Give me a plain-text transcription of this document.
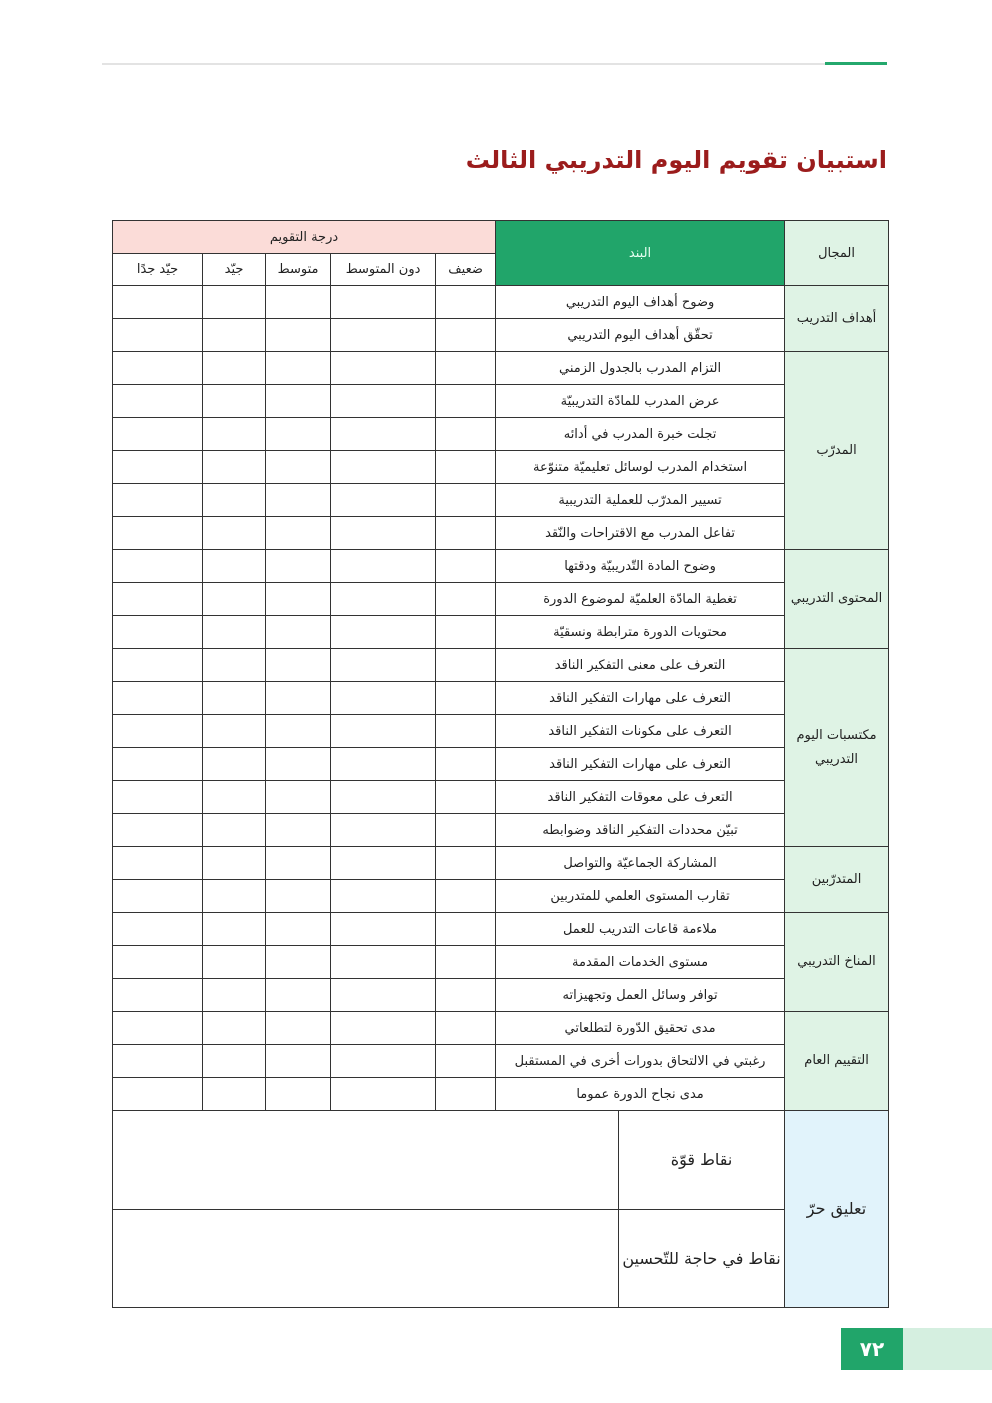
استبيان تقويم اليوم التدريبي الثالث
المجال	البند	درجة التقويم				
		ضعيف	دون المتوسط	متوسط	جيّد	جيّد جدًا
أهداف التدريب	وضوح أهداف اليوم التدريبي					
	تحقّق أهداف اليوم التدريبي					
المدرّب	التزام المدرب بالجدول الزمني					
	عرض المدرب للمادّة التدريبيّة					
	تجلت خبرة المدرب في أدائه					
	استخدام المدرب لوسائل تعليميّة متنوّعة					
	تسيير المدرّب للعملية التدريبية					
	تفاعل المدرب مع الاقتراحات والنّقد					
المحتوى التدريبي	وضوح المادة التّدريبيّة ودقتها					
	تغطية المادّة العلميّة لموضوع الدورة					
	محتويات الدورة مترابطة ونسقيّة					
مكتسبات اليوم التدريبي	التعرف على معنى التفكير الناقد					
	التعرف على مهارات التفكير الناقد					
	التعرف على مكونات التفكير الناقد					
	التعرف على مهارات التفكير الناقد					
	التعرف على معوقات التفكير الناقد					
	تبيّن محددات التفكير الناقد وضوابطه					
المتدرّبين	المشاركة الجماعيّة والتواصل					
	تقارب المستوى العلمي للمتدربين					
المناخ التدريبي	ملاءمة قاعات التدريب للعمل					
	مستوى الخدمات المقدمة					
	توافر وسائل العمل وتجهيزاته					
التقييم العام	مدى تحقيق الدّورة لتطلعاتي					
	رغبتي في الالتحاق بدورات أخرى في المستقبل					
	مدى نجاح الدورة عموما					
تعليق حرّ	نقاط قوّة	
	نقاط في حاجة للتّحسين	
٧٢
